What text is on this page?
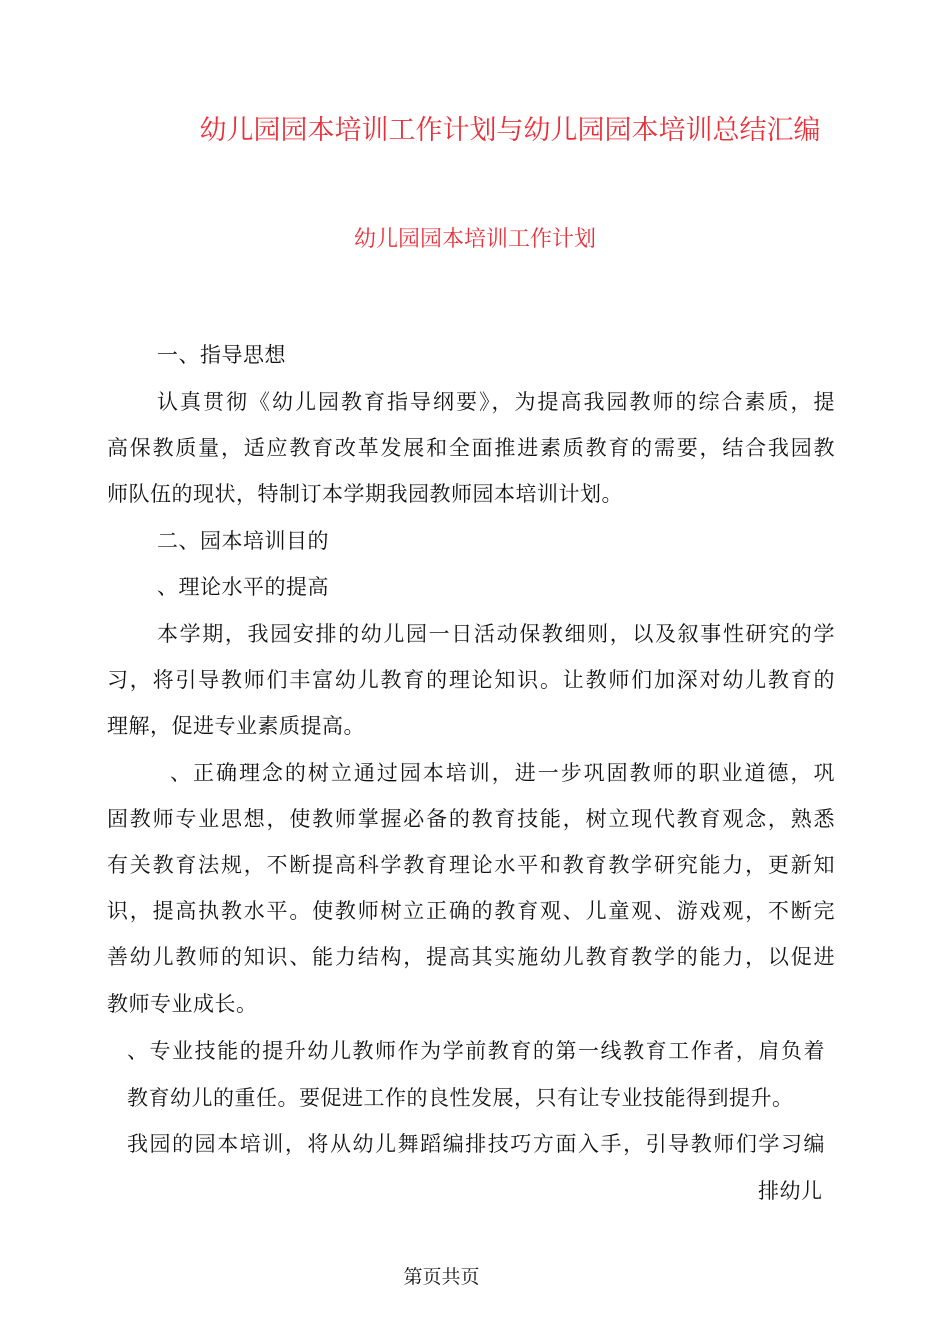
幼儿园园本培训工作计划与幼儿园园本培训总结汇编
幼儿园园本培训工作计划
一、指导思想
认真贯彻《幼儿园教育指导纲要》，为提高我园教师的综合素质，提
高保教质量，适应教育改革发展和全面推进素质教育的需要，结合我园教
师队伍的现状，特制订本学期我园教师园本培训计划。
二、园本培训目的
、理论水平的提高
本学期，我园安排的幼儿园一日活动保教细则，以及叙事性研究的学
习，将引导教师们丰富幼儿教育的理论知识。让教师们加深对幼儿教育的
理解，促进专业素质提高。
、正确理念的树立通过园本培训，进一步巩固教师的职业道德，巩
固教师专业思想，使教师掌握必备的教育技能，树立现代教育观念，熟悉
有关教育法规，不断提高科学教育理论水平和教育教学研究能力，更新知
识，提高执教水平。使教师树立正确的教育观、儿童观、游戏观，不断完
善幼儿教师的知识、能力结构，提高其实施幼儿教育教学的能力，以促进
教师专业成长。
、专业技能的提升幼儿教师作为学前教育的第一线教育工作者，肩负着
教育幼儿的重任。要促进工作的良性发展，只有让专业技能得到提升。
我园的园本培训，将从幼儿舞蹈编排技巧方面入手，引导教师们学习编
排幼儿
第页共页
